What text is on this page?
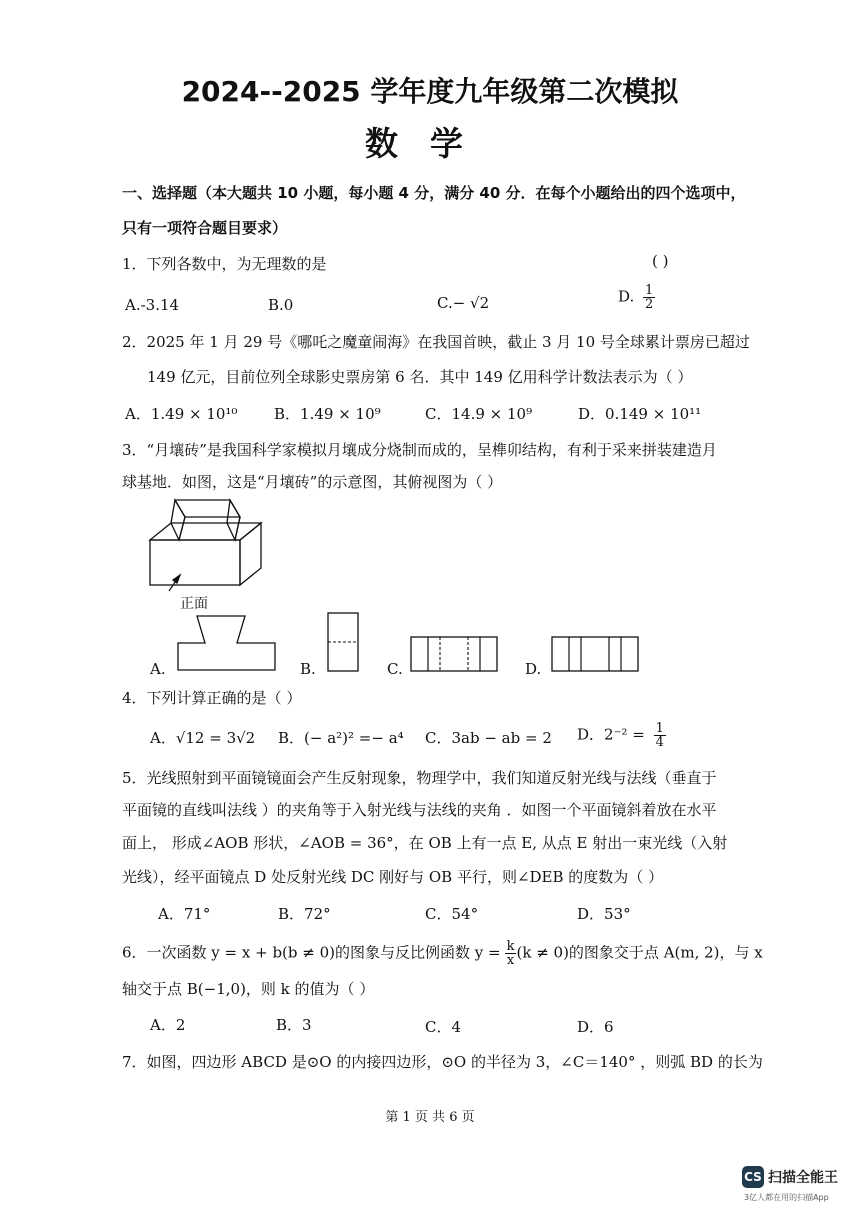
2024--2025 学年度九年级第二次模拟
数学
一、选择题（本大题共 10 小题，每小题 4 分，满分 40 分．在每个小题给出的四个选项中，
只有一项符合题目要求）
1．下列各数中，为无理数的是	( )
A.-3.14	B.0	C.− √2	D. $\frac{1}{2}$
2．2025 年 1 月 29 号《哪吒之魔童闹海》在我国首映，截止 3 月 10 号全球累计票房已超过
149 亿元，目前位列全球影史票房第 6 名．其中 149 亿用科学计数法表示为（ ）
A．1.49 × 10¹⁰ B．1.49 × 10⁹	C．14.9 × 10⁹	D．0.149 × 10¹¹
3．“月壤砖”是我国科学家模拟月壤成分烧制而成的，呈榫卯结构，有利于采来拼装建造月
球基地．如图，这是“月壤砖”的示意图，其俯视图为（ ）
正面
A.	B.	C.	D.
4．下列计算正确的是（ ）
A．√12 = 3√2 B．(− a²)² =− a⁴ C．3ab − ab = 2 D．$2^{-2} = \frac{1}{4}$
5．光线照射到平面镜镜面会产生反射现象，物理学中，我们知道反射光线与法线（垂直于
平面镜的直线叫法线 ）的夹角等于入射光线与法线的夹角 ．如图一个平面镜斜着放在水平
面上， 形成∠AOB 形状，∠AOB = 36°，在 OB 上有一点 E, 从点 E 射出一束光线（入射
光线），经平面镜点 D 处反射光线 DC 刚好与 OB 平行，则∠DEB 的度数为（ ）
A．71°	B．72°	C．54°	D．53°
6．一次函数 y = x + b(b ≠ 0)的图象与反比例函数 $y = \frac{k}{x} (k \ne 0)$的图象交于点 A(m, 2)，与 x
轴交于点 B(−1,0)，则 k 的值为（ ）
A．2	B．3	C．4	D．6
7．如图，四边形 ABCD 是⊙O 的内接四边形，⊙O 的半径为 3，∠C＝140° ，则弧 BD 的长为
第 1 页 共 6 页
CS 扫描全能王
3亿人都在用的扫描App
